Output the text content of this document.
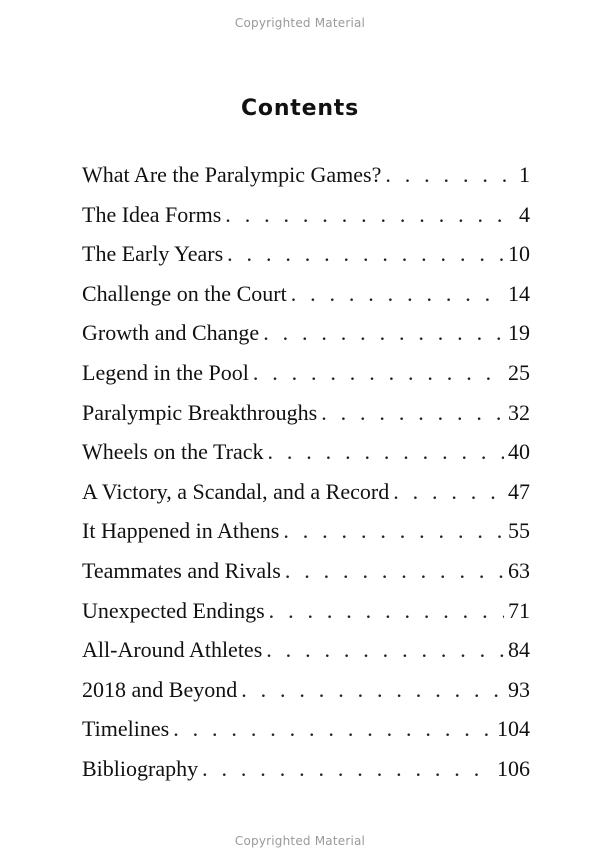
Copyrighted Material
Contents
What Are the Paralympic Games? . . .	1
The Idea Forms . . .	4
The Early Years . . .	10
Challenge on the Court . . .	14
Growth and Change . . .	19
Legend in the Pool . . .	25
Paralympic Breakthroughs . . .	32
Wheels on the Track . . .	40
A Victory, a Scandal, and a Record . . .	47
It Happened in Athens . . .	55
Teammates and Rivals . . .	63
Unexpected Endings . . .	71
All-Around Athletes . . .	84
2018 and Beyond . . .	93
Timelines . . .	104
Bibliography . . .	106
Copyrighted Material
